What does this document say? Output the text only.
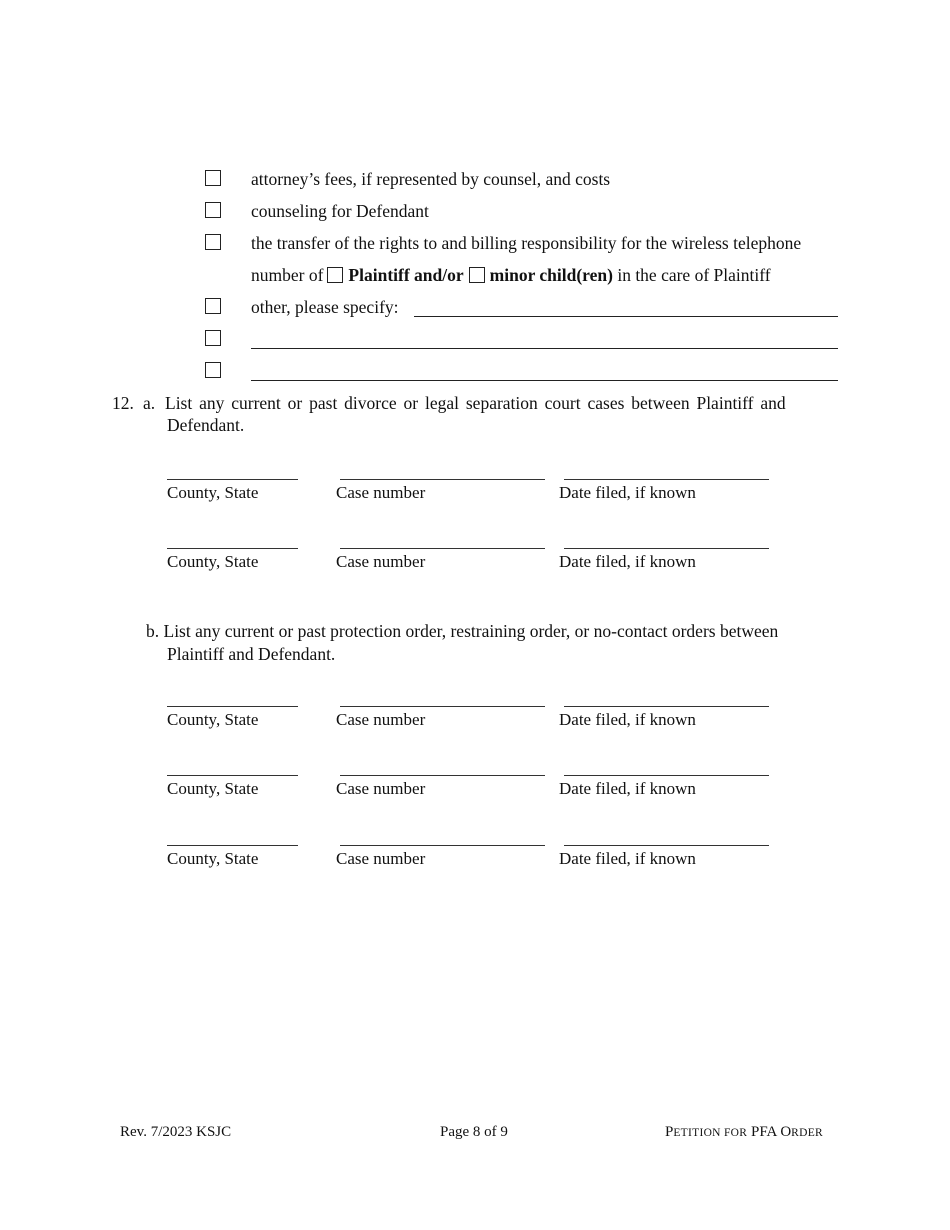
attorney’s fees, if represented by counsel, and costs
counseling for Defendant
the transfer of the rights to and billing responsibility for the wireless telephone
number of Plaintiff and/or minor child(ren) in the care of Plaintiff
other, please specify:
12. a. List any current or past divorce or legal separation court cases between Plaintiff and
Defendant.
County, State	Case number	Date filed, if known
County, State	Case number	Date filed, if known
b. List any current or past protection order, restraining order, or no-contact orders between
Plaintiff and Defendant.
County, State	Case number	Date filed, if known
County, State	Case number	Date filed, if known
County, State	Case number	Date filed, if known
Rev. 7/2023 KSJC	Page 8 of 9	PETITION FOR PFA ORDER
